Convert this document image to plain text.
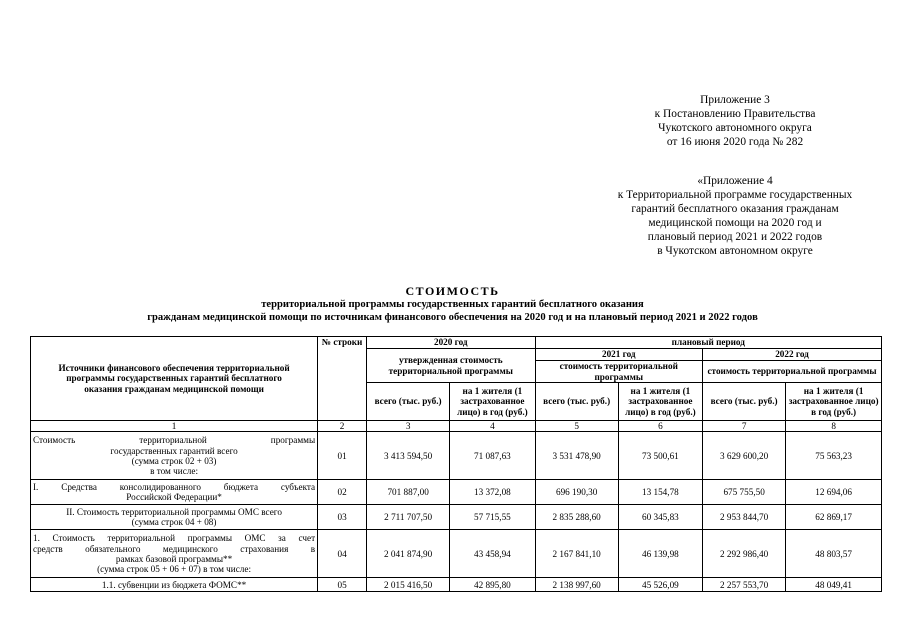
Приложение 3
к Постановлению Правительства
Чукотского автономного округа
от 16 июня 2020 года № 282
«Приложение 4
к Территориальной программе государственных
гарантий бесплатного оказания гражданам
медицинской помощи на 2020 год и
плановый период 2021 и 2022 годов
в Чукотском автономном округе
СТОИМОСТЬ
территориальной программы государственных гарантий бесплатного оказания
гражданам медицинской помощи по источникам финансового обеспечения на 2020 год и на плановый период 2021 и 2022 годов
Источники финансового обеспечения территориальной программы государственных гарантий бесплатного оказания гражданам медицинской помощи	№ строки	2020 год		плановый период			
		утвержденная стоимость территориальной программы		2021 год		2022 год	
				стоимость территориальной программы		стоимость территориальной программы	
		всего (тыс. руб.)	на 1 жителя (1 застрахованное лицо) в год (руб.)	всего (тыс. руб.)	на 1 жителя (1 застрахованное лицо) в год (руб.)	всего (тыс. руб.)	на 1 жителя (1 застрахованное лицо) в год (руб.)
1	2	3	4	5	6	7	8

Стоимость территориальной программы
государственных гарантий всего
(сумма строк 02 + 03)
в том числе:	01	3 413 594,50	71 087,63	3 531 478,90	73 500,61	3 629 600,20	75 563,23

I. Средства консолидированного бюджета субъекта
Российской Федерации*	02	701 887,00	13 372,08	696 190,30	13 154,78	675 755,50	12 694,06

II. Стоимость территориальной программы ОМС всего
(сумма строк 04 + 08)	03	2 711 707,50	57 715,55	2 835 288,60	60 345,83	2 953 844,70	62 869,17

1. Стоимость территориальной программы ОМС за счет
средств обязательного медицинского страхования в
рамках базовой программы**
(сумма строк 05 + 06 + 07) в том числе:	04	2 041 874,90	43 458,94	2 167 841,10	46 139,98	2 292 986,40	48 803,57

1.1. субвенции из бюджета ФОМС**	05	2 015 416,50	42 895,80	2 138 997,60	45 526,09	2 257 553,70	48 049,41
